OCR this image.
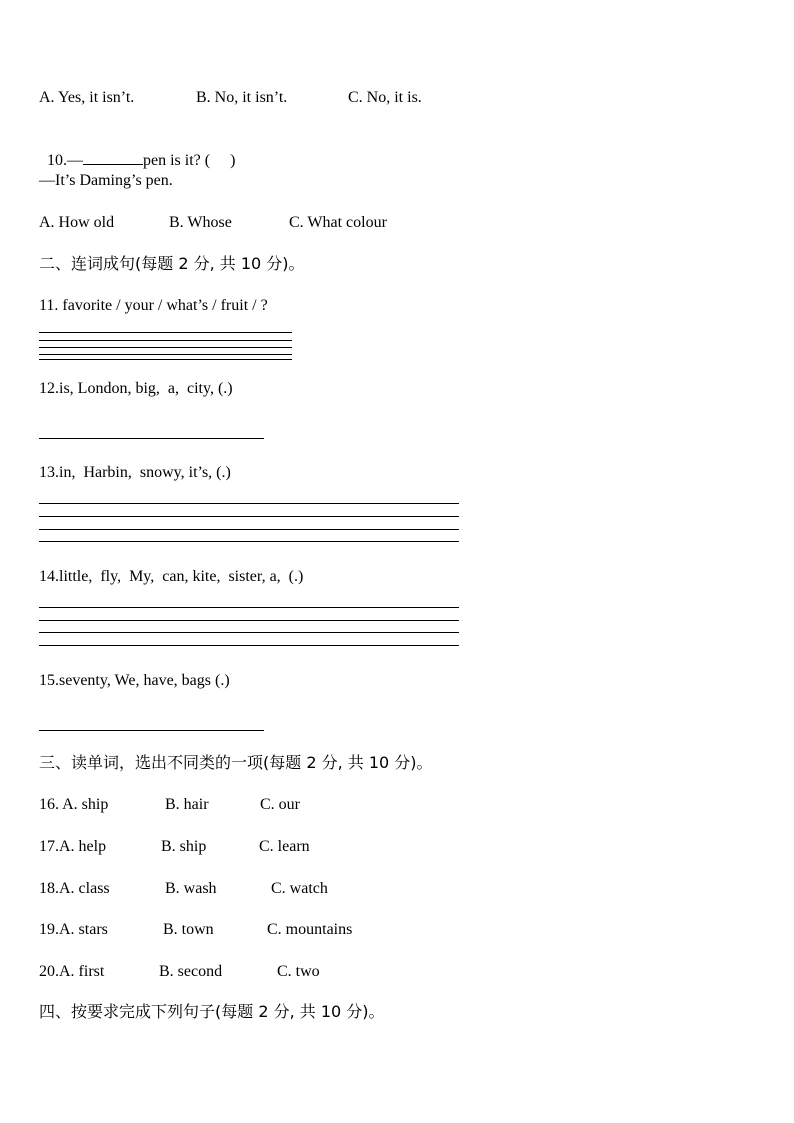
A. Yes, it isn’t.	B. No, it isn’t.	C. No, it is.

10.—	pen is it? (     )

—It’s Daming’s pen.
A. How old	B. Whose	C. What colour
二、连词成句(每题 2 分, 共 10 分)。
11. favorite / your / what’s / fruit / ?
12.is, London, big,  a,  city, (.)
13.in,  Harbin,  snowy, it’s, (.)
14.little,  fly,  My,  can, kite,  sister, a,  (.)
15.seventy, We, have, bags (.)
三、读单词，选出不同类的一项(每题 2 分, 共 10 分)。
16. A. ship	B. hair	C. our
17.A. help	B. ship	C. learn
18.A. class	B. wash	C. watch
19.A. stars	B. town	C. mountains
20.A. first	B. second	C. two
四、按要求完成下列句子(每题 2 分, 共 10 分)。
